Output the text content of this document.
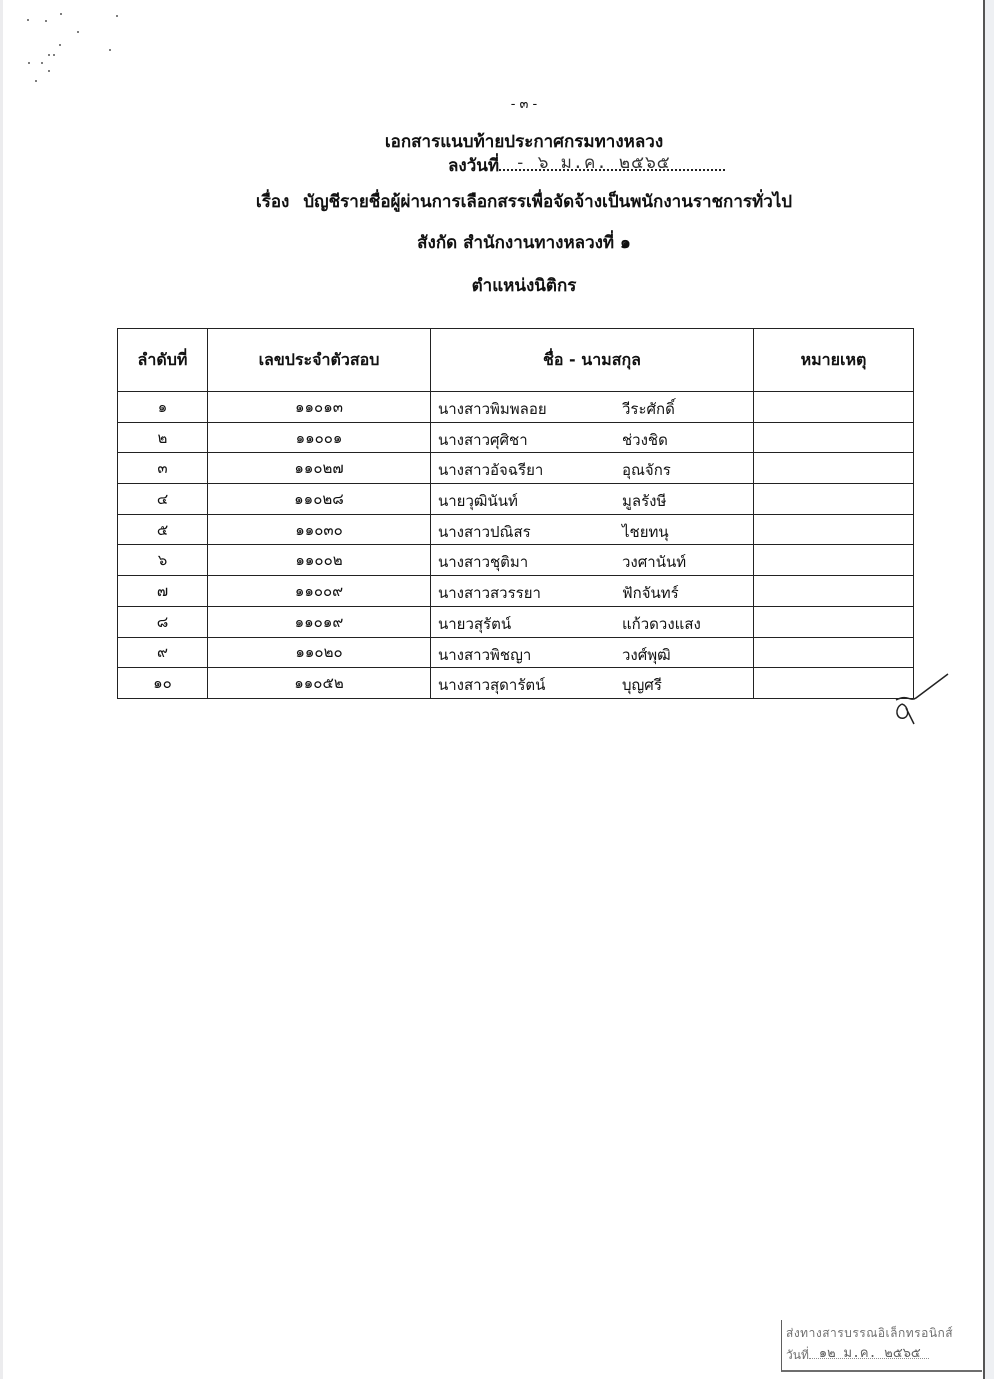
- ๓ -
เอกสารแนบท้ายประกาศกรมทางหลวง
ลงวันที่ - ๖ ม.ค. ๒๕๖๕
เรื่อง บัญชีรายชื่อผู้ผ่านการเลือกสรรเพื่อจัดจ้างเป็นพนักงานราชการทั่วไป
สังกัด สำนักงานทางหลวงที่ ๑
ตำแหน่งนิติกร
ลำดับที่	เลขประจำตัวสอบ	ชื่อ - นามสกุล	หมายเหตุ
๑	๑๑๐๑๓	นางสาวพิมพลอย วีระศักดิ์	

๒	๑๑๐๐๑	นางสาวศุศิชา ช่วงชิด	

๓	๑๑๐๒๗	นางสาวอัจฉรียา อุณจักร	

๔	๑๑๐๒๘	นายวุฒินันท์ มูลรังษี	

๕	๑๑๐๓๐	นางสาวปณิสร ไชยทนุ	

๖	๑๑๐๐๒	นางสาวชุติมา วงศานันท์	

๗	๑๑๐๐๙	นางสาวสวรรยา ฟักจันทร์	

๘	๑๑๐๑๙	นายวสุรัตน์ แก้วดวงแสง	

๙	๑๑๐๒๐	นางสาวพิชญา วงศ์พุฒิ	

๑๐	๑๑๐๕๒	นางสาวสุดารัตน์ บุญศรี	

ส่งทางสารบรรณอิเล็กทรอนิกส์
วันที่ ๑๒ ม.ค. ๒๕๖๕
